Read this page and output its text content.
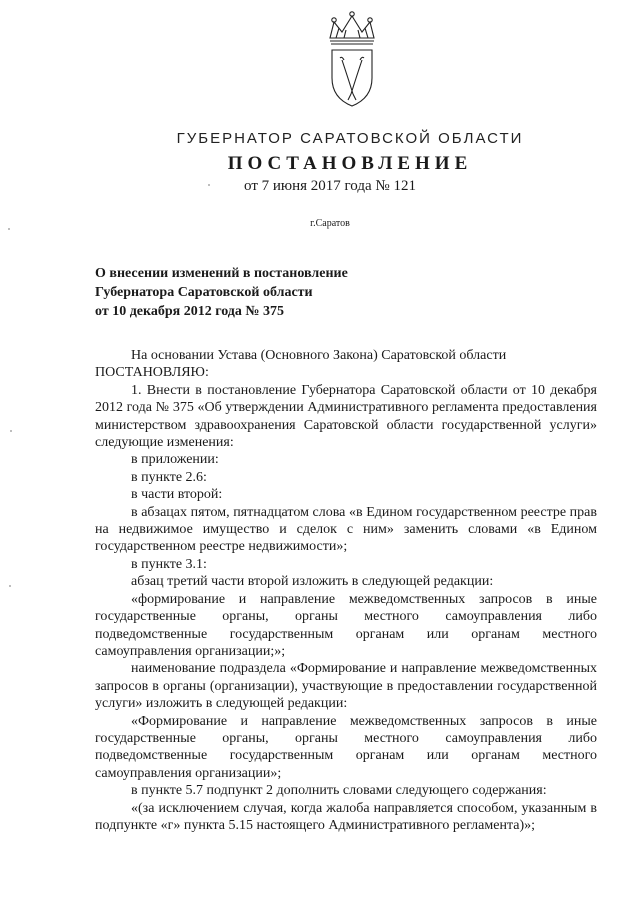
ГУБЕРНАТОР САРАТОВСКОЙ ОБЛАСТИ
ПОСТАНОВЛЕНИЕ
от 7 июня 2017 года № 121
г.Саратов
О внесении изменений в постановление
Губернатора Саратовской области
от 10 декабря 2012 года № 375

На основании Устава (Основного Закона) Саратовской области

ПОСТАНОВЛЯЮ:

1. Внести в постановление Губернатора Саратовской области от 10 декабря 2012 года № 375 «Об утверждении Административного регламента предоставления министерством здравоохранения Саратовской области государственной услуги» следующие изменения:

в приложении:

в пункте 2.6:

в части второй:

в абзацах пятом, пятнадцатом слова «в Едином государственном реестре прав на недвижимое имущество и сделок с ним» заменить словами «в Едином государственном реестре недвижимости»;

в пункте 3.1:

абзац третий части второй изложить в следующей редакции:

«формирование и направление межведомственных запросов в иные государственные органы, органы местного самоуправления либо подведомственные государственным органам или органам местного самоуправления организации;»;

наименование подраздела «Формирование и направление межведомственных запросов в органы (организации), участвующие в предоставлении государственной услуги» изложить в следующей редакции:

«Формирование и направление межведомственных запросов в иные государственные органы, органы местного самоуправления либо подведомственные государственным органам или органам местного самоуправления организации»;

в пункте 5.7 подпункт 2 дополнить словами следующего содержания:

«(за исключением случая, когда жалоба направляется способом, указанным в подпункте «г» пункта 5.15 настоящего Административного регламента)»;
